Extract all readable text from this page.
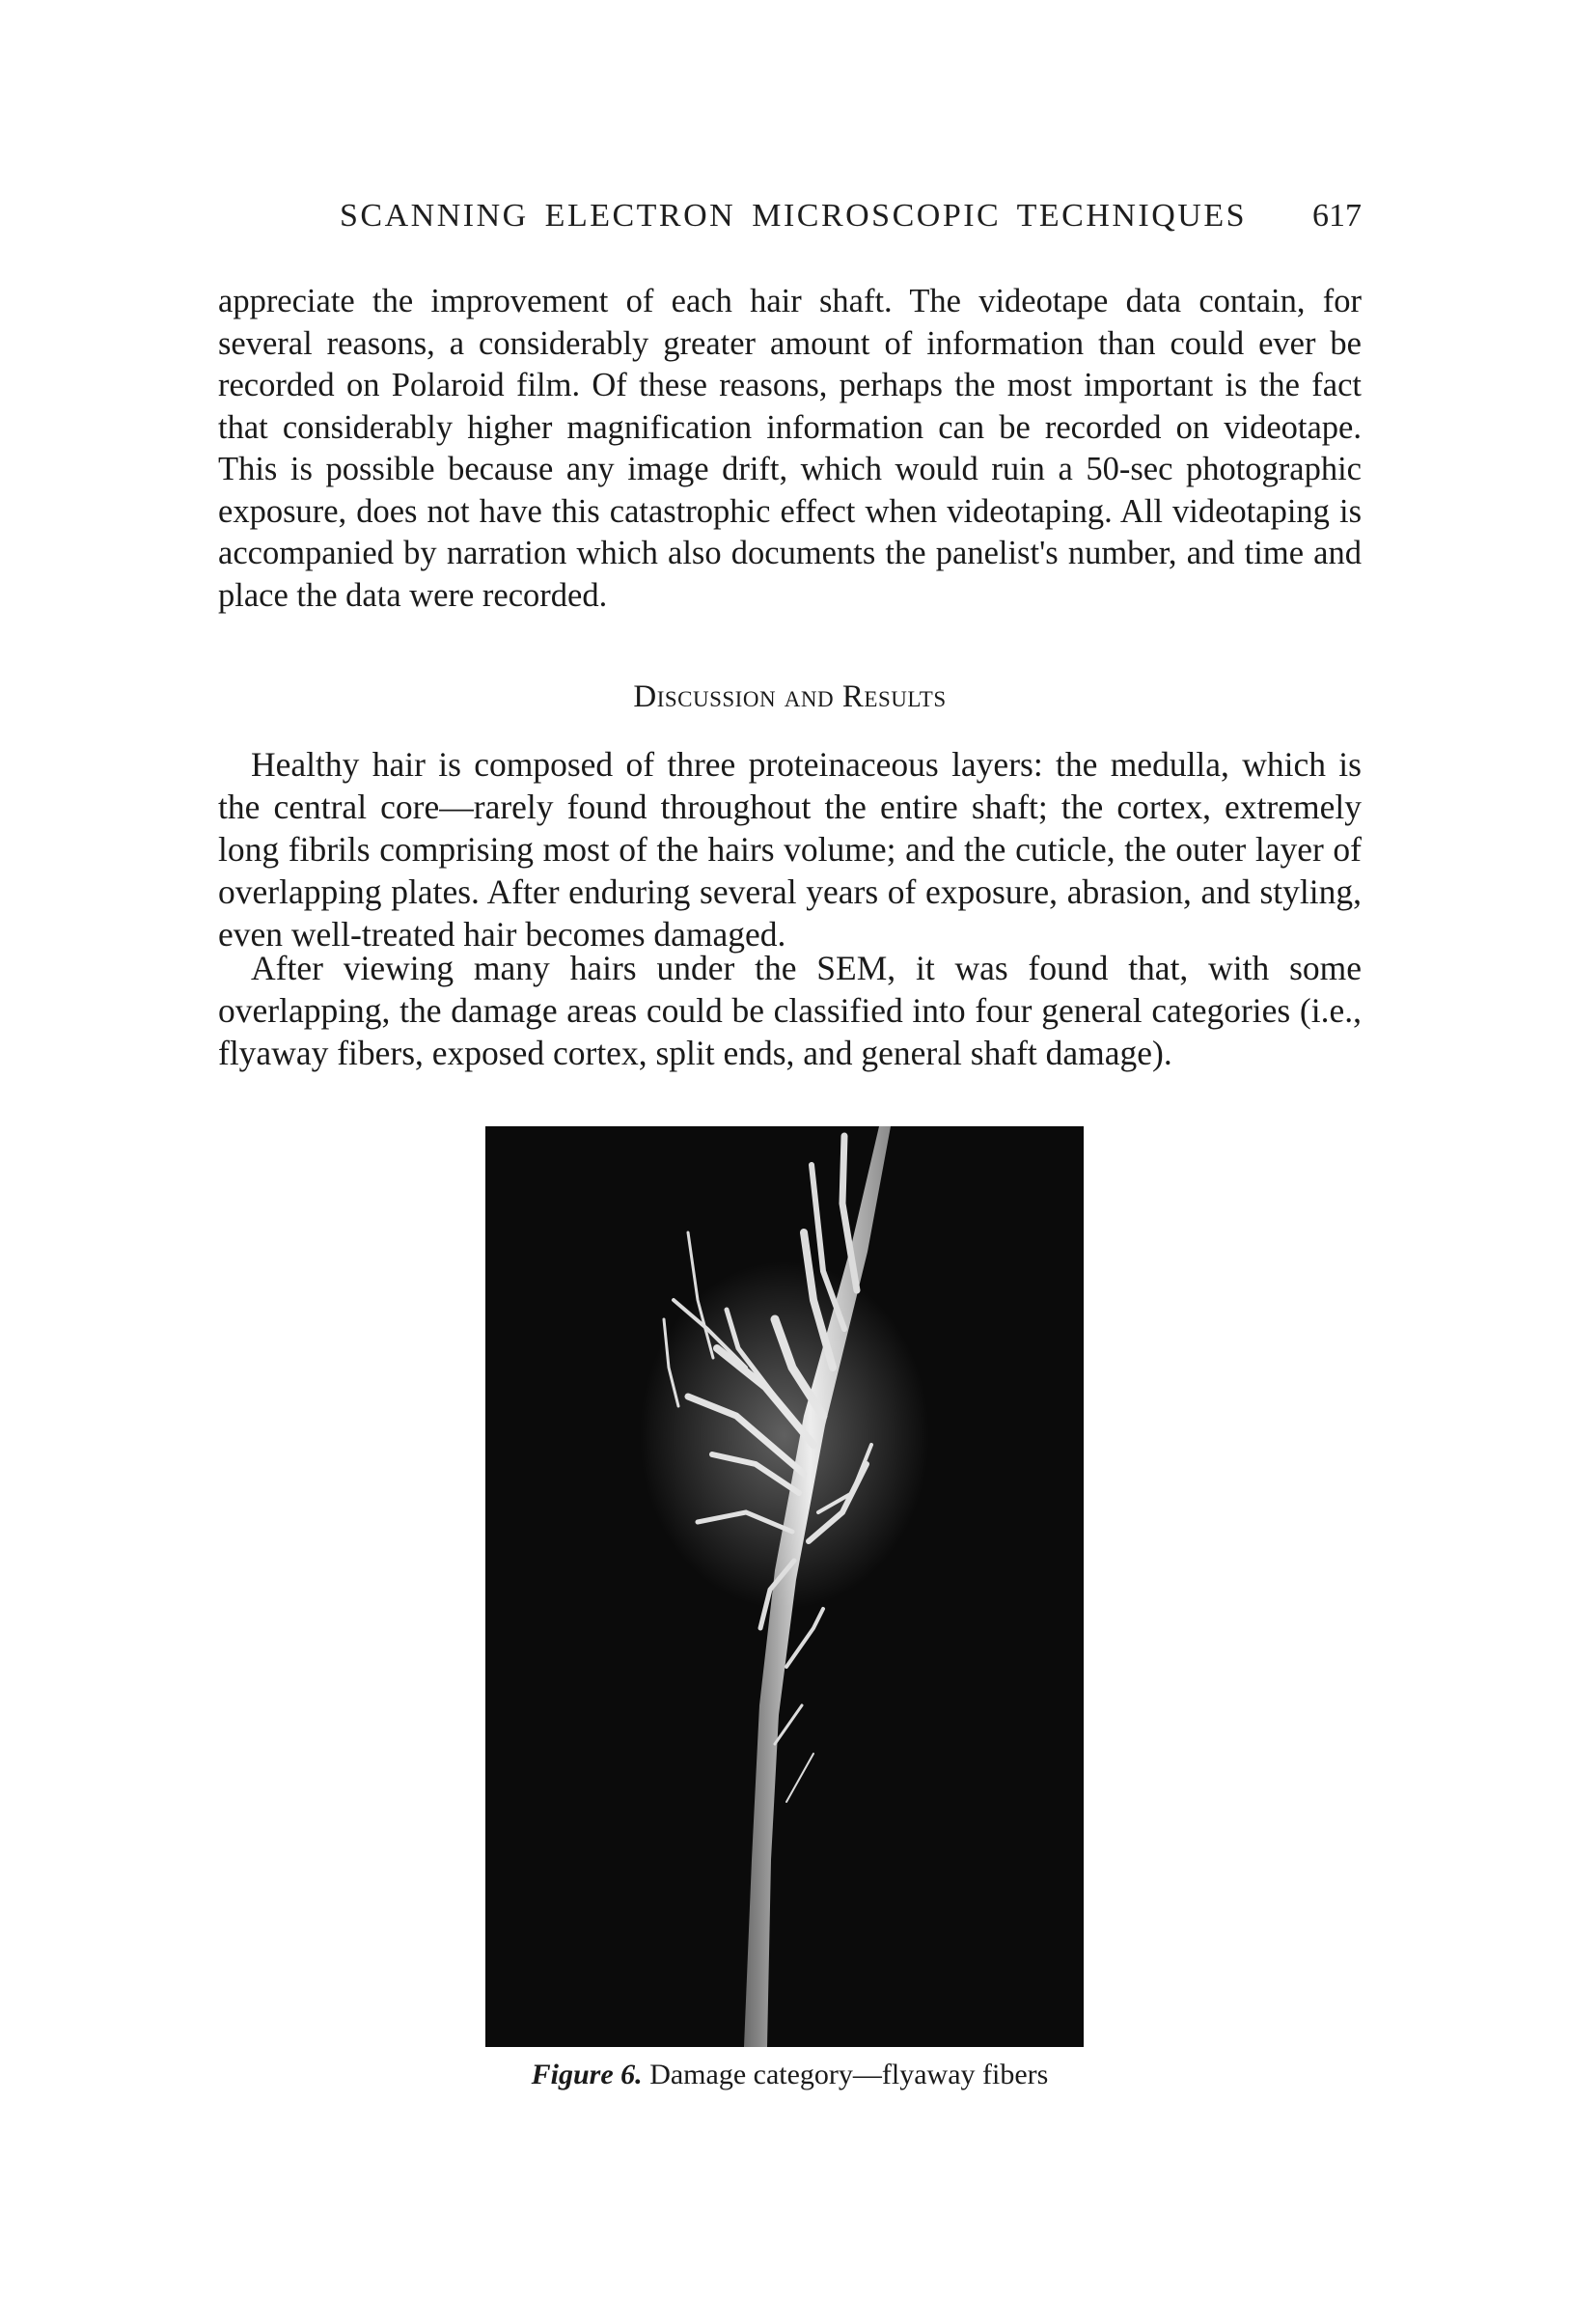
SCANNING ELECTRON MICROSCOPIC TECHNIQUES 617

appreciate the improvement of each hair shaft. The videotape data contain, for several reasons, a considerably greater amount of information than could ever be recorded on Polaroid film. Of these reasons, perhaps the most important is the fact that considerably higher magnification information can be recorded on videotape. This is possible because any image drift, which would ruin a 50-sec photographic exposure, does not have this catastrophic effect when videotaping. All videotaping is accompanied by narration which also documents the panelist's number, and time and place the data were recorded.

Discussion and Results

Healthy hair is composed of three proteinaceous layers: the medulla, which is the central core—rarely found throughout the entire shaft; the cortex, extremely long fibrils comprising most of the hairs volume; and the cuticle, the outer layer of overlapping plates. After enduring several years of exposure, abrasion, and styling, even well-treated hair becomes damaged.

After viewing many hairs under the SEM, it was found that, with some overlapping, the damage areas could be classified into four general categories (i.e., flyaway fibers, exposed cortex, split ends, and general shaft damage).

Figure 6. Damage category—flyaway fibers
